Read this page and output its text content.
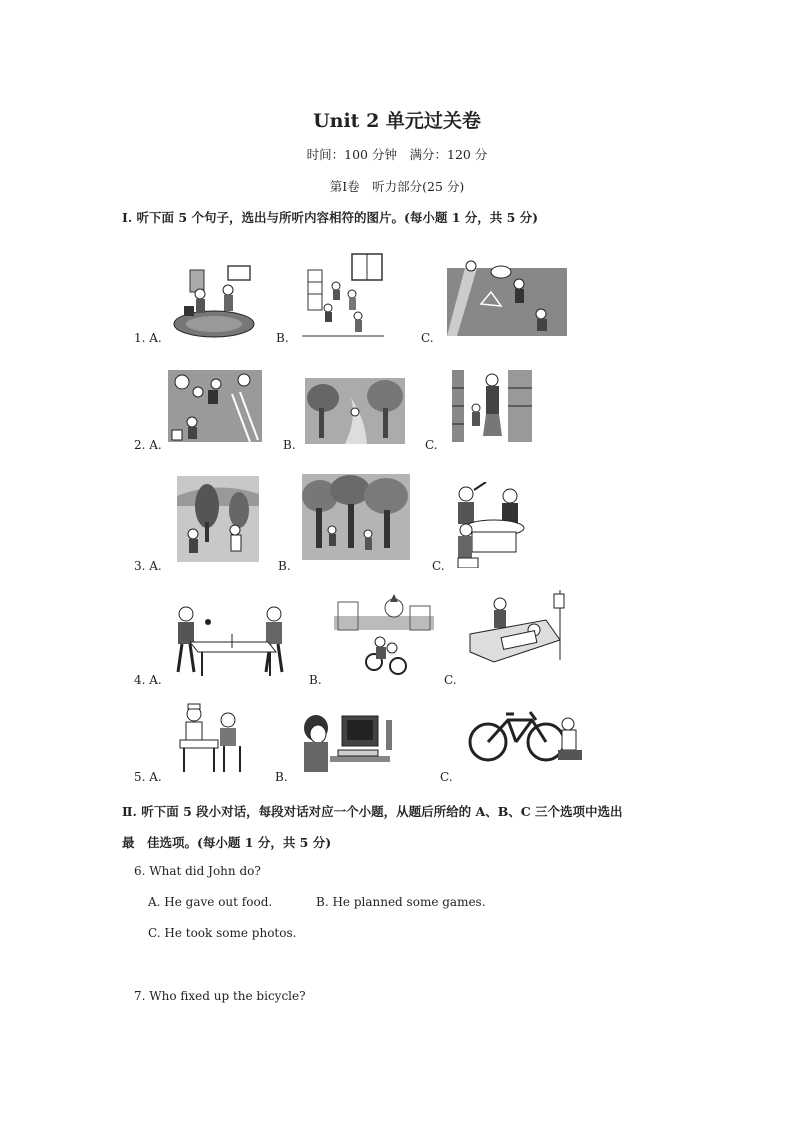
Unit 2 单元过关卷
时间：100 分钟　满分：120 分
第Ⅰ卷　听力部分(25 分)
Ⅰ. 听下面 5 个句子，选出与所听内容相符的图片。(每小题 1 分，共 5 分)
1. A.	B.	C.
2. A.	B.	C.
3. A.	B.	C.
4. A.	B.	C.
5. A.	B.	C.
Ⅱ. 听下面 5 段小对话，每段对话对应一个小题，从题后所给的 A、B、C 三个选项中选出
最　佳选项。(每小题 1 分，共 5 分)
6. What did John do?
A. He gave out food.	B. He planned some games.
C. He took some photos.
7. Who fixed up the bicycle?
